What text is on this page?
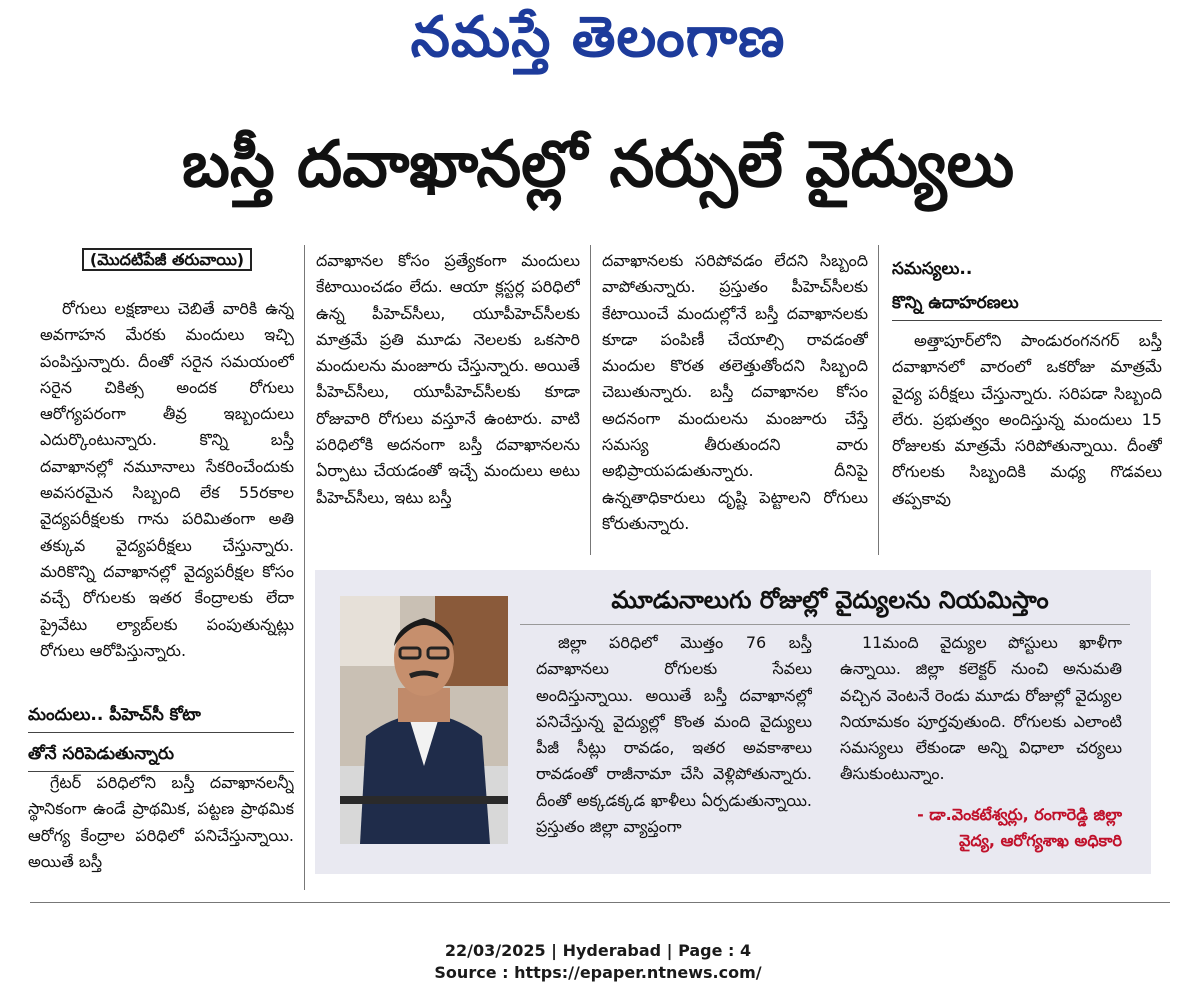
నమస్తే తెలంగాణ
బస్తీ దవాఖానల్లో నర్సులే వైద్యులు
(మొదటిపేజీ తరువాయి)

రోగులు లక్షణాలు చెబితే వారికి ఉన్న అవగాహన మేరకు మందులు ఇచ్చి పంపిస్తున్నారు. దీంతో సరైన సమయంలో సరైన చికిత్స అందక రోగులు ఆరోగ్యపరంగా తీవ్ర ఇబ్బందులు ఎదుర్కొంటున్నారు. కొన్ని బస్తీ దవాఖానల్లో నమూనాలు సేకరించేందుకు అవసరమైన సిబ్బంది లేక 55రకాల వైద్యపరీక్షలకు గాను పరిమితంగా అతి తక్కువ వైద్యపరీక్షలు చేస్తున్నారు. మరికొన్ని దవాఖానల్లో వైద్యపరీక్షల కోసం వచ్చే రోగులకు ఇతర కేంద్రాలకు లేదా ప్రైవేటు ల్యాబ్‌లకు పంపుతున్నట్లు రోగులు ఆరోపిస్తున్నారు.

మందులు.. పీహెచ్‌సీ కోటా
తోనే సరిపెడుతున్నారు

గ్రేటర్ పరిధిలోని బస్తీ దవాఖానలన్నీ స్థానికంగా ఉండే ప్రాథమిక, పట్టణ ప్రాథమిక ఆరోగ్య కేంద్రాల పరిధిలో పనిచేస్తున్నాయి. అయితే బస్తీ

దవాఖానల కోసం ప్రత్యేకంగా మందులు కేటాయించడం లేదు. ఆయా క్లస్టర్ల పరిధిలో ఉన్న పీహెచ్‌సీలు, యూపీహెచ్‌సీలకు మాత్రమే ప్రతి మూడు నెలలకు ఒకసారి మందులను మంజూరు చేస్తున్నారు. అయితే పీహెచ్‌సీలు, యూపీహెచ్‌సీలకు కూడా రోజువారి రోగులు వస్తూనే ఉంటారు. వాటి పరిధిలోకి అదనంగా బస్తీ దవాఖానలను ఏర్పాటు చేయడంతో ఇచ్చే మందులు అటు పీహెచ్‌సీలు, ఇటు బస్తీ

దవాఖానలకు సరిపోవడం లేదని సిబ్బంది వాపోతున్నారు. ప్రస్తుతం పీహెచ్‌సీలకు కేటాయించే మందుల్లోనే బస్తీ దవాఖానలకు కూడా పంపిణీ చేయాల్సి రావడంతో మందుల కొరత తలెత్తుతోందని సిబ్బంది చెబుతున్నారు. బస్తీ దవాఖానల కోసం అదనంగా మందులను మంజూరు చేస్తే సమస్య తీరుతుందని వారు అభిప్రాయపడుతున్నారు. దీనిపై ఉన్నతాధికారులు దృష్టి పెట్టాలని రోగులు కోరుతున్నారు.

సమస్యలు..
కొన్ని ఉదాహరణలు

అత్తాపూర్‌లోని పాండురంగనగర్ బస్తీ దవాఖానలో వారంలో ఒకరోజు మాత్రమే వైద్య పరీక్షలు చేస్తున్నారు. సరిపడా సిబ్బంది లేరు. ప్రభుత్వం అందిస్తున్న మందులు 15 రోజులకు మాత్రమే సరిపోతున్నాయి. దీంతో రోగులకు సిబ్బందికి మధ్య గొడవలు తప్పకావు

మూడునాలుగు రోజుల్లో వైద్యులను నియమిస్తాం

జిల్లా పరిధిలో మొత్తం 76 బస్తీ దవాఖానలు రోగులకు సేవలు అందిస్తున్నాయి. అయితే బస్తీ దవాఖానల్లో పనిచేస్తున్న వైద్యుల్లో కొంత మంది వైద్యులు పీజీ సీట్లు రావడం, ఇతర అవకాశాలు రావడంతో రాజీనామా చేసి వెళ్లిపోతున్నారు. దీంతో అక్కడక్కడ ఖాళీలు ఏర్పడుతున్నాయి. ప్రస్తుతం జిల్లా వ్యాప్తంగా

11మంది వైద్యుల పోస్టులు ఖాళీగా ఉన్నాయి. జిల్లా కలెక్టర్ నుంచి అనుమతి వచ్చిన వెంటనే రెండు మూడు రోజుల్లో వైద్యుల నియామకం పూర్తవుతుంది. రోగులకు ఎలాంటి సమస్యలు లేకుండా అన్ని విధాలా చర్యలు తీసుకుంటున్నాం.

- డా.వెంకటేశ్వర్లు, రంగారెడ్డి జిల్లా
వైద్య, ఆరోగ్యశాఖ అధికారి
22/03/2025 | Hyderabad | Page : 4
Source : https://epaper.ntnews.com/
